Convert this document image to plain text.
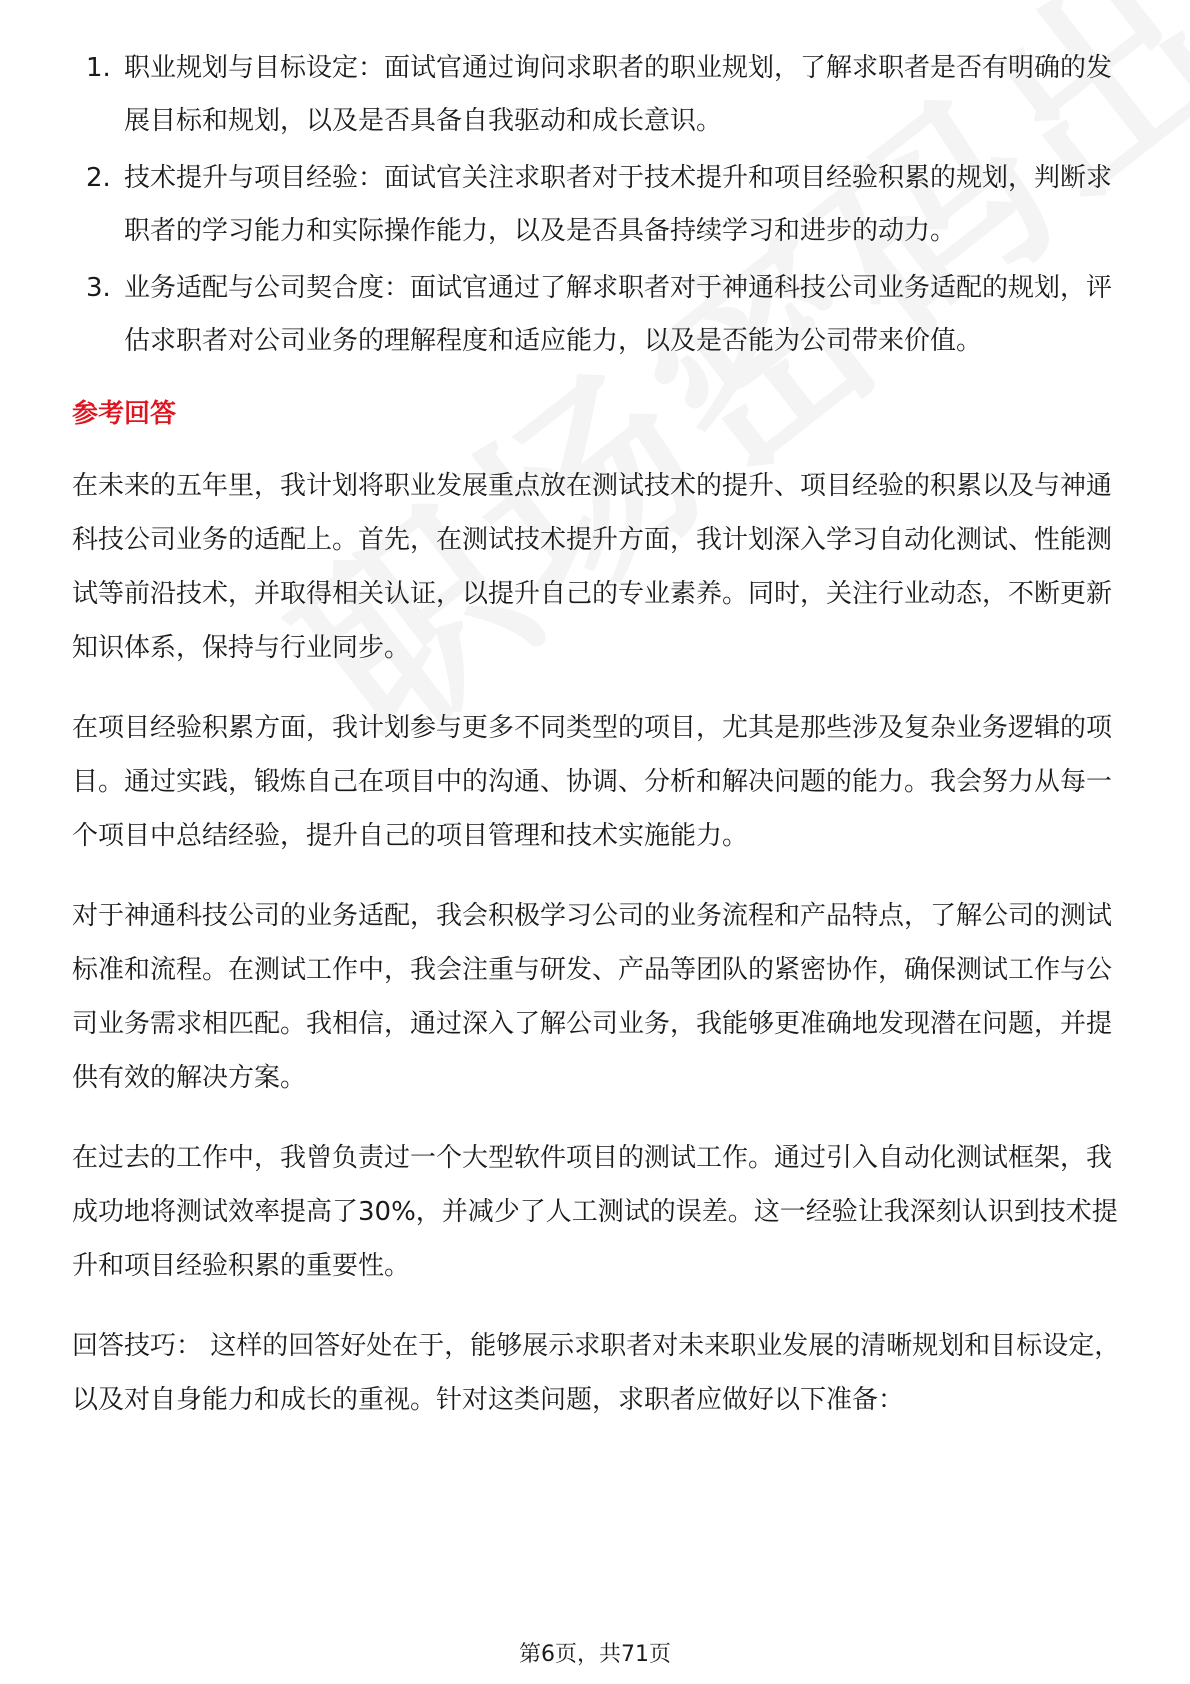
1. 职业规划与目标设定：面试官通过询问求职者的职业规划，了解求职者是否有明确的发展目标和规划，以及是否具备自我驱动和成长意识。
2. 技术提升与项目经验：面试官关注求职者对于技术提升和项目经验积累的规划，判断求职者的学习能力和实际操作能力，以及是否具备持续学习和进步的动力。
3. 业务适配与公司契合度：面试官通过了解求职者对于神通科技公司业务适配的规划，评估求职者对公司业务的理解程度和适应能力，以及是否能为公司带来价值。
参考回答

在未来的五年里，我计划将职业发展重点放在测试技术的提升、项目经验的积累以及与神通科技公司业务的适配上。首先，在测试技术提升方面，我计划深入学习自动化测试、性能测试等前沿技术，并取得相关认证，以提升自己的专业素养。同时，关注行业动态，不断更新知识体系，保持与行业同步。

在项目经验积累方面，我计划参与更多不同类型的项目，尤其是那些涉及复杂业务逻辑的项目。通过实践，锻炼自己在项目中的沟通、协调、分析和解决问题的能力。我会努力从每一个项目中总结经验，提升自己的项目管理和技术实施能力。

对于神通科技公司的业务适配，我会积极学习公司的业务流程和产品特点，了解公司的测试标准和流程。在测试工作中，我会注重与研发、产品等团队的紧密协作，确保测试工作与公司业务需求相匹配。我相信，通过深入了解公司业务，我能够更准确地发现潜在问题，并提供有效的解决方案。

在过去的工作中，我曾负责过一个大型软件项目的测试工作。通过引入自动化测试框架，我成功地将测试效率提高了30%，并减少了人工测试的误差。这一经验让我深刻认识到技术提升和项目经验积累的重要性。

回答技巧： 这样的回答好处在于，能够展示求职者对未来职业发展的清晰规划和目标设定，以及对自身能力和成长的重视。针对这类问题，求职者应做好以下准备：

第6页，共71页
